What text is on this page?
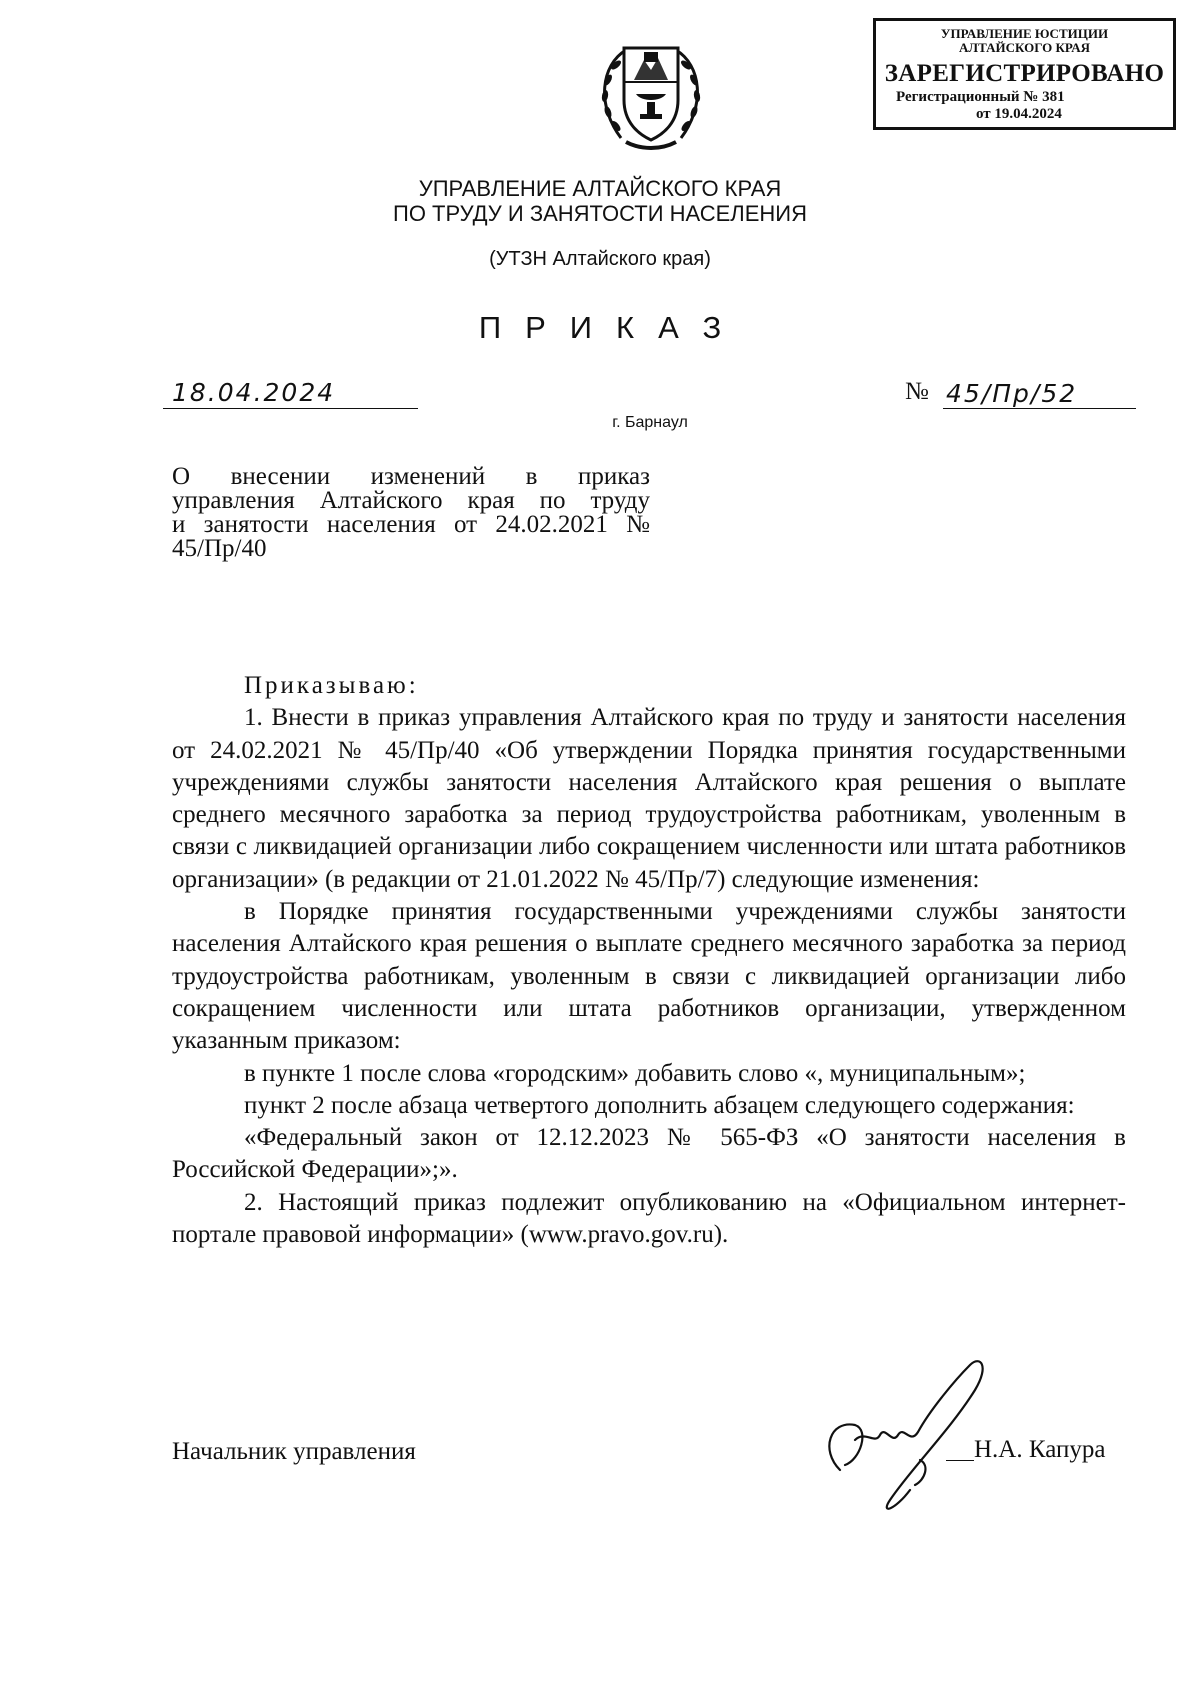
УПРАВЛЕНИЕ ЮСТИЦИИ
АЛТАЙСКОГО КРАЯ
ЗАРЕГИСТРИРОВАНО
Регистрационный № 381
от 19.04.2024
УПРАВЛЕНИЕ АЛТАЙСКОГО КРАЯ
ПО ТРУДУ И ЗАНЯТОСТИ НАСЕЛЕНИЯ
(УТЗН Алтайского края)
ПРИКАЗ
18.04.2024	№ 45/Пр/52
г. Барнаул
О внесении изменений в приказ
управления Алтайского края по труду
и занятости населения от 24.02.2021 №
45/Пр/40

Приказываю:

1. Внести в приказ управления Алтайского края по труду и занятости населения от 24.02.2021 № 45/Пр/40 «Об утверждении Порядка принятия государственными учреждениями службы занятости населения Алтайского края решения о выплате среднего месячного заработка за период трудоустройства работникам, уволенным в связи с ликвидацией организации либо сокращением численности или штата работников организации» (в редакции от 21.01.2022 № 45/Пр/7) следующие изменения:

в Порядке принятия государственными учреждениями службы занятости населения Алтайского края решения о выплате среднего месячного заработка за период трудоустройства работникам, уволенным в связи с ликвидацией организации либо сокращением численности или штата работников организации, утвержденном указанным приказом:

в пункте 1 после слова «городским» добавить слово «, муниципальным»;

пункт 2 после абзаца четвертого дополнить абзацем следующего содержания:

«Федеральный закон от 12.12.2023 № 565-ФЗ «О занятости населения в Российской Федерации»;».

2. Настоящий приказ подлежит опубликованию на «Официальном интернет-портале правовой информации» (www.pravo.gov.ru).

Начальник управления	Н.А. Капура
